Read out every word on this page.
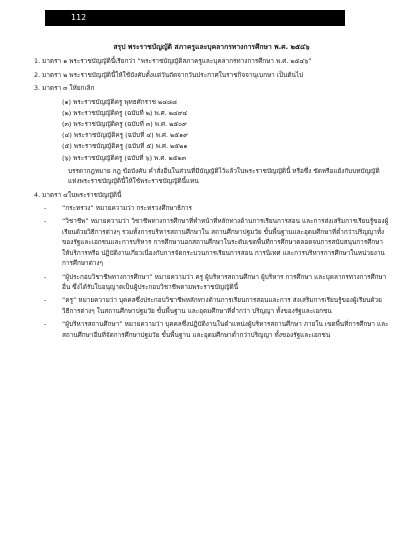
112
สรุป พระราชบัญญัติ สภาครูและบุคลากรทางการศึกษา พ.ศ. ๒๕๔๖
1. มาตรา ๑ พระราชบัญญัตินี้เรียกว่า “พระราชบัญญัติสภาครูและบุคลากรทางการศึกษา พ.ศ. ๒๕๔๖”
2. มาตรา ๒ พระราชบัญญัตินี้ให้ใช้บังคับตั้งแต่วันถัดจากวันประกาศในราชกิจจานุเบกษา เป็นต้นไป
3. มาตรา ๓ ให้ยกเลิก
(๑) พระราชบัญญัติครู พุทธศักราช ๒๔๘๘
(๒) พระราชบัญญัติครู (ฉบับที่ ๒) พ.ศ. ๒๔๙๔
(๓) พระราชบัญญัติครู (ฉบับที่ ๓) พ.ศ. ๒๕๐๙
(๔) พระราชบัญญัติครู (ฉบับที่ ๔) พ.ศ. ๒๕๑๙
(๕) พระราชบัญญัติครู (ฉบับที่ ๕) พ.ศ. ๒๕๒๑
(๖) พระราชบัญญัติครู (ฉบับที่ ๖) พ.ศ. ๒๕๒๓
บรรดากฎหมาย กฎ ข้อบังคับ คำสั่งอื่นในส่วนที่มีบัญญัติไว้แล้วในพระราชบัญญัตินี้ หรือซึ่ง ขัดหรือแย้งกับบทบัญญัติแห่งพระราชบัญญัตินี้ให้ใช้พระราชบัญญัตินี้แทน
4. มาตรา ๔ในพระราชบัญญัตินี้
- “กระทรวง” หมายความว่า กระทรวงศึกษาธิการ
- “วิชาชีพ” หมายความว่า วิชาชีพทางการศึกษาที่ทำหน้าที่หลักทางด้านการเรียนการสอน และการส่งเสริมการเรียนรู้ของผู้เรียนด้วยวิธีการต่างๆ รวมทั้งการบริหารสถานศึกษาใน สถานศึกษาปฐมวัย ขั้นพื้นฐานและอุดมศึกษาที่ต่ำกว่าปริญญาทั้งของรัฐและเอกชนและการบริหาร การศึกษานอกสถานศึกษาในระดับเขตพื้นที่การศึกษาตลอดจนการสนับสนุนการศึกษา ให้บริการหรือ ปฏิบัติงานเกี่ยวเนื่องกับการจัดกระบวนการเรียนการสอน การนิเทศ และการบริหารการศึกษาในหน่วยงาน การศึกษาต่างๆ
- “ผู้ประกอบวิชาชีพทางการศึกษา” หมายความว่า ครู ผู้บริหารสถานศึกษา ผู้บริหาร การศึกษา และบุคลากรทางการศึกษาอื่น ซึ่งได้รับใบอนุญาตเป็นผู้ประกอบวิชาชีพตามพระราชบัญญัตินี้
- “ครู” หมายความว่า บุคคลซึ่งประกอบวิชาชีพหลักทางด้านการเรียนการสอนและการ ส่งเสริมการเรียนรู้ของผู้เรียนด้วยวิธีการต่างๆ ในสถานศึกษาปฐมวัย ขั้นพื้นฐาน และอุดมศึกษาที่ต่ำกว่า ปริญญา ทั้งของรัฐและเอกชน
- “ผู้บริหารสถานศึกษา” หมายความว่า บุคคลซึ่งปฏิบัติงานในตำแหน่งผู้บริหารสถานศึกษา ภายใน เขตพื้นที่การศึกษา และสถานศึกษาอื่นที่จัดการศึกษาปฐมวัย ขั้นพื้นฐาน และอุดมศึกษาต่ำกว่าปริญญา ทั้งของรัฐและเอกชน
